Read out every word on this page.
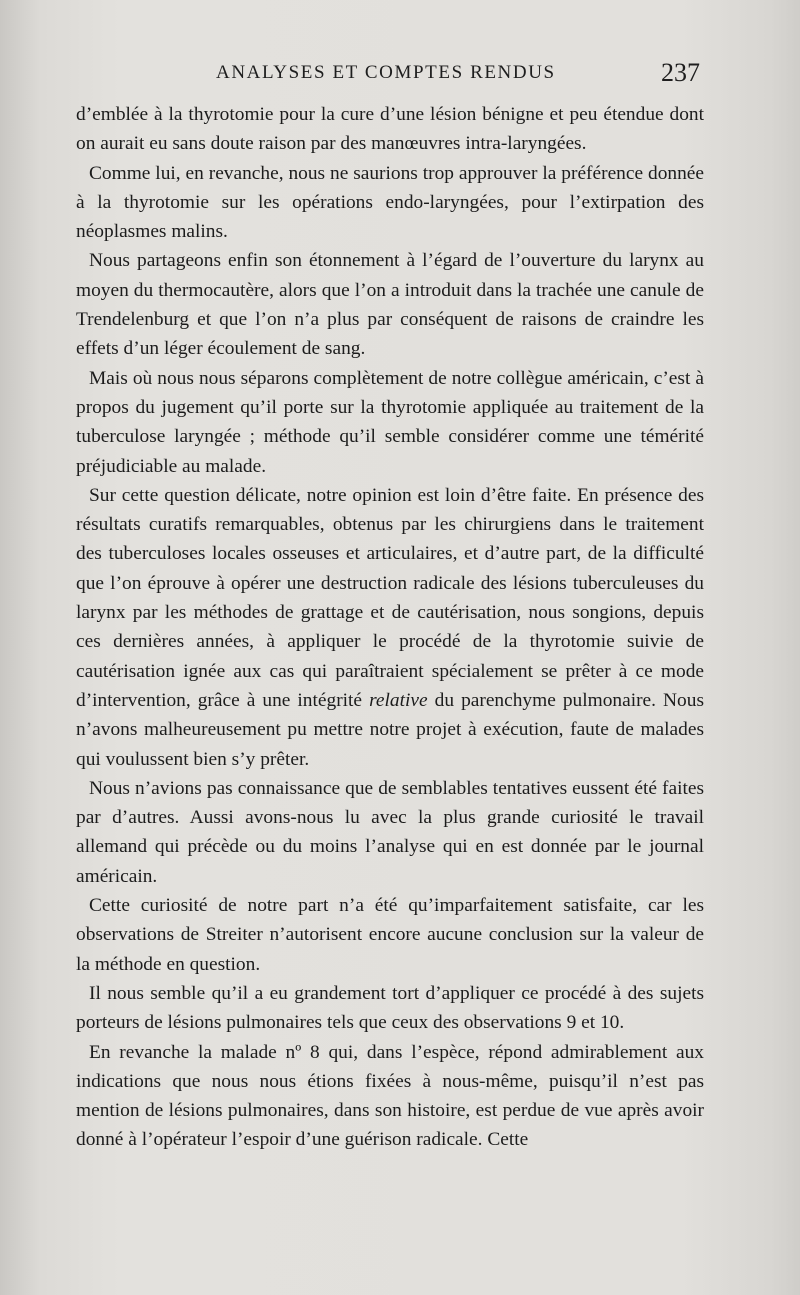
ANALYSES ET COMPTES RENDUS	237

d’emblée à la thyrotomie pour la cure d’une lésion bénigne et peu étendue dont on aurait eu sans doute raison par des manœuvres intra-laryngées.

Comme lui, en revanche, nous ne saurions trop approuver la préférence donnée à la thyrotomie sur les opérations endo-laryngées, pour l’extirpation des néoplasmes malins.

Nous partageons enfin son étonnement à l’égard de l’ouverture du larynx au moyen du thermocautère, alors que l’on a introduit dans la trachée une canule de Trendelenburg et que l’on n’a plus par conséquent de raisons de craindre les effets d’un léger écoulement de sang.

Mais où nous nous séparons complètement de notre collègue américain, c’est à propos du jugement qu’il porte sur la thyrotomie appliquée au traitement de la tuberculose laryngée ; méthode qu’il semble considérer comme une témérité préjudiciable au malade.

Sur cette question délicate, notre opinion est loin d’être faite. En présence des résultats curatifs remarquables, obtenus par les chirurgiens dans le traitement des tuberculoses locales osseuses et articulaires, et d’autre part, de la difficulté que l’on éprouve à opérer une destruction radicale des lésions tuberculeuses du larynx par les méthodes de grattage et de cautérisation, nous songions, depuis ces dernières années, à appliquer le procédé de la thyrotomie suivie de cautérisation ignée aux cas qui paraîtraient spécialement se prêter à ce mode d’intervention, grâce à une intégrité relative du parenchyme pulmonaire. Nous n’avons malheureusement pu mettre notre projet à exécution, faute de malades qui voulussent bien s’y prêter.

Nous n’avions pas connaissance que de semblables tentatives eussent été faites par d’autres. Aussi avons-nous lu avec la plus grande curiosité le travail allemand qui précède ou du moins l’analyse qui en est donnée par le journal américain.

Cette curiosité de notre part n’a été qu’imparfaitement satisfaite, car les observations de Streiter n’autorisent encore aucune conclusion sur la valeur de la méthode en question.

Il nous semble qu’il a eu grandement tort d’appliquer ce procédé à des sujets porteurs de lésions pulmonaires tels que ceux des observations 9 et 10.

En revanche la malade nº 8 qui, dans l’espèce, répond admirablement aux indications que nous nous étions fixées à nous-même, puisqu’il n’est pas mention de lésions pulmonaires, dans son histoire, est perdue de vue après avoir donné à l’opérateur l’espoir d’une guérison radicale. Cette
